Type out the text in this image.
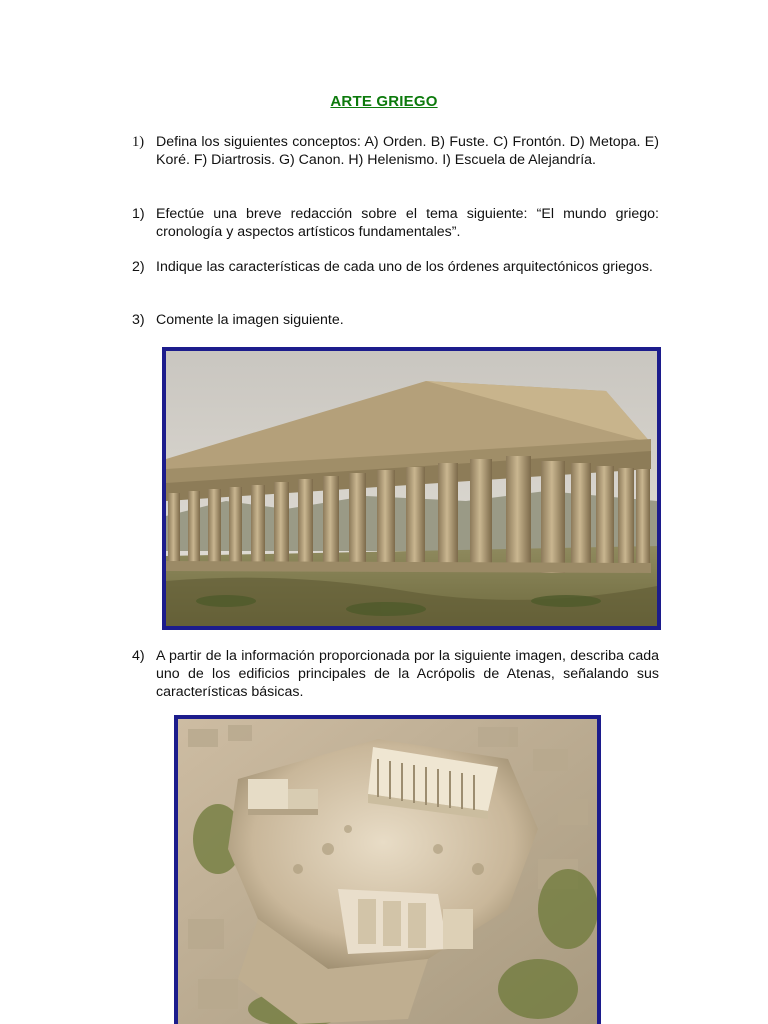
ARTE GRIEGO
1) Defina los siguientes conceptos: A) Orden. B) Fuste. C) Frontón. D) Metopa. E) Koré. F) Diartrosis. G) Canon. H) Helenismo. I) Escuela de Alejandría.
1) Efectúe una breve redacción sobre el tema siguiente: “El mundo griego: cronología y aspectos artísticos fundamentales”.
2) Indique las características de cada uno de los órdenes arquitectónicos griegos.
3) Comente la imagen siguiente.
4) A partir de la información proporcionada por la siguiente imagen, describa cada uno de los edificios principales de la Acrópolis de Atenas, señalando sus características básicas.
